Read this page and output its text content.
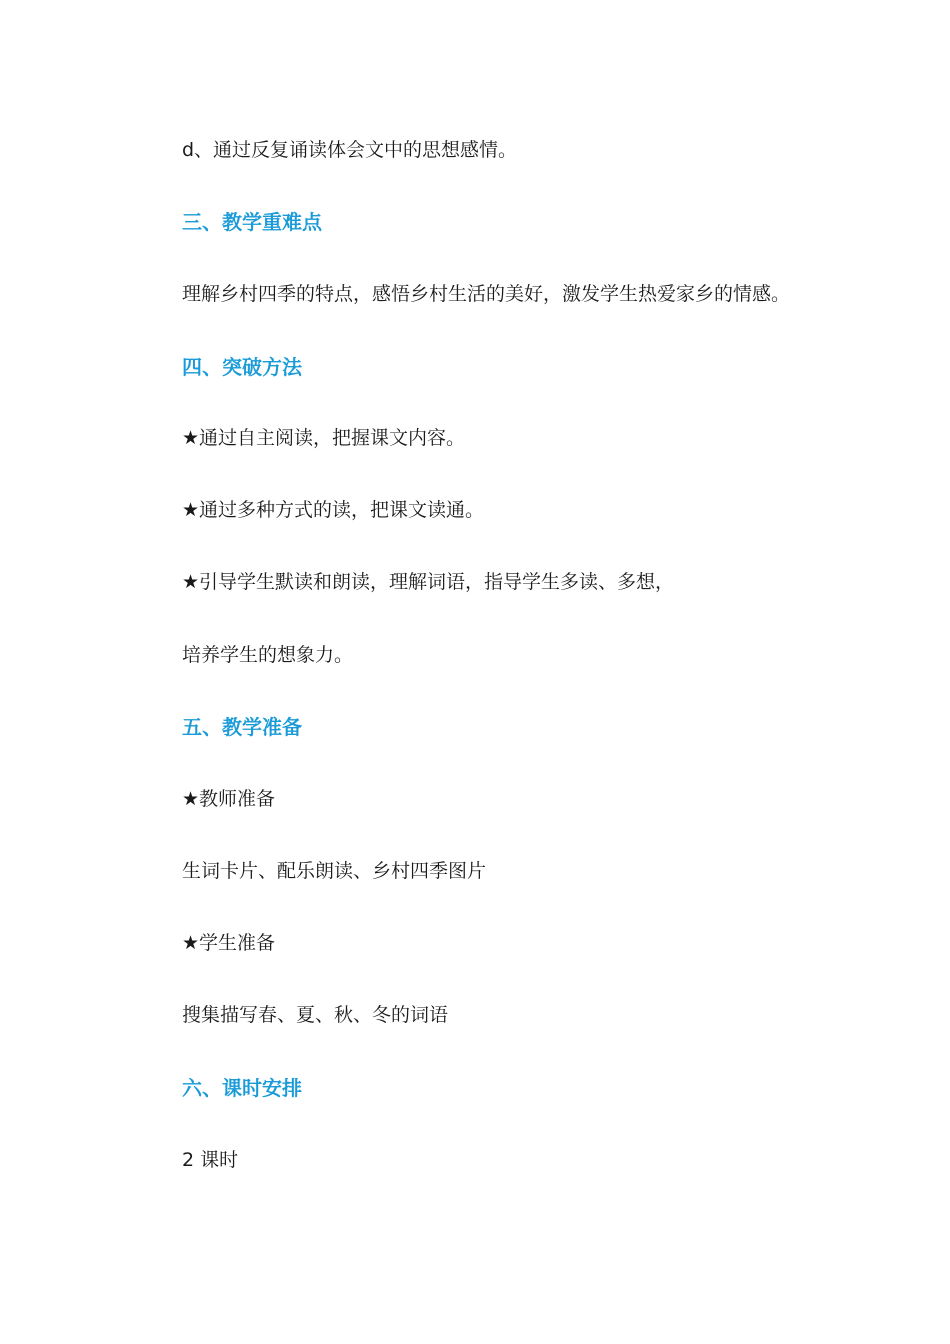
d、通过反复诵读体会文中的思想感情。

三、教学重难点

理解乡村四季的特点，感悟乡村生活的美好，激发学生热爱家乡的情感。

四、突破方法

★通过自主阅读，把握课文内容。

★通过多种方式的读，把课文读通。

★引导学生默读和朗读，理解词语，指导学生多读、多想，

培养学生的想象力。

五、教学准备

★教师准备

生词卡片、配乐朗读、乡村四季图片

★学生准备

搜集描写春、夏、秋、冬的词语

六、课时安排

2 课时
